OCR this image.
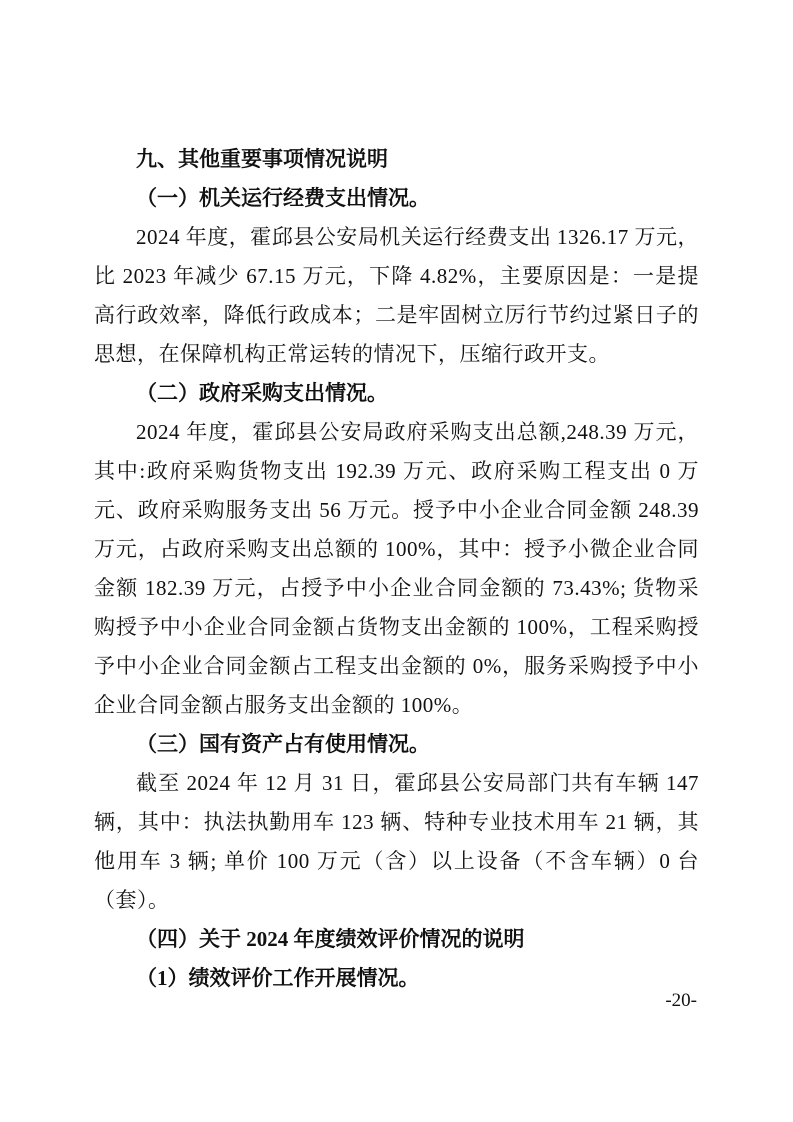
九、其他重要事项情况说明
（一）机关运行经费支出情况。

2024 年度，霍邱县公安局机关运行经费支出 1326.17 万元，比 2023 年减少 67.15 万元，下降 4.82%，主要原因是：一是提高行政效率，降低行政成本；二是牢固树立厉行节约过紧日子的思想，在保障机构正常运转的情况下，压缩行政开支。

（二）政府采购支出情况。

2024 年度，霍邱县公安局政府采购支出总额,248.39 万元，其中:政府采购货物支出 192.39 万元、政府采购工程支出 0 万元、政府采购服务支出 56 万元。授予中小企业合同金额 248.39 万元，占政府采购支出总额的 100%，其中：授予小微企业合同金额 182.39 万元，占授予中小企业合同金额的 73.43%; 货物采购授予中小企业合同金额占货物支出金额的 100%，工程采购授予中小企业合同金额占工程支出金额的 0%，服务采购授予中小企业合同金额占服务支出金额的 100%。

（三）国有资产占有使用情况。

截至 2024 年 12 月 31 日，霍邱县公安局部门共有车辆 147 辆，其中：执法执勤用车 123 辆、特种专业技术用车 21 辆，其他用车 3 辆; 单价 100 万元（含）以上设备（不含车辆）0 台（套）。

（四）关于 2024 年度绩效评价情况的说明
（1）绩效评价工作开展情况。
-20-
